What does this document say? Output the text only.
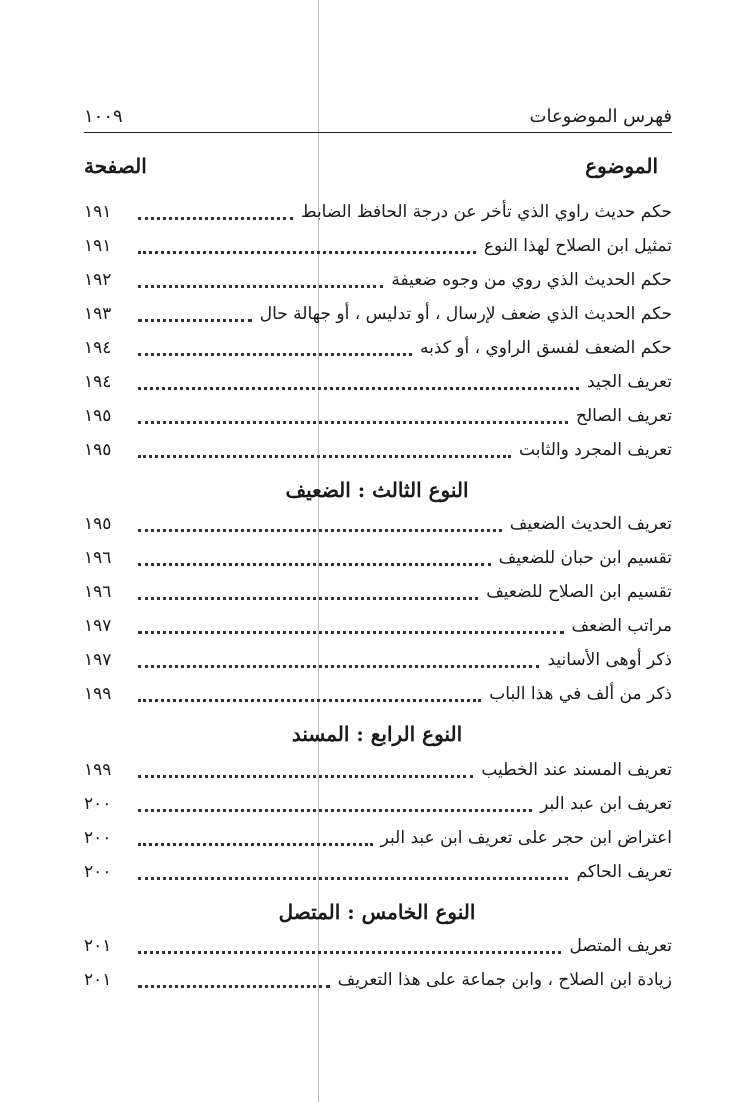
١٠٠٩	فهرس الموضوعات
الصفحة	الموضوع
حكم حديث راوي الذي تأخر عن درجة الحافظ الضابط
١٩١
تمثيل ابن الصلاح لهذا النوع
١٩١
حكم الحديث الذي روي من وجوه ضعيفة
١٩٢
حكم الحديث الذي ضعف لإرسال ، أو تدليس ، أو جهالة حال
١٩٣
حكم الضعف لفسق الراوي ، أو كذبه
١٩٤
تعريف الجيد
١٩٤
تعريف الصالح
١٩٥
تعريف المجرد والثابت
١٩٥
النوع الثالث : الضعيف
تعريف الحديث الضعيف
١٩٥
تقسيم ابن حبان للضعيف
١٩٦
تقسيم ابن الصلاح للضعيف
١٩٦
مراتب الضعف
١٩٧
ذكر أوهى الأسانيد
١٩٧
ذكر من ألف في هذا الباب
١٩٩
النوع الرابع : المسند
تعريف المسند عند الخطيب
١٩٩
تعريف ابن عبد البر
٢٠٠
اعتراض ابن حجر على تعريف ابن عبد البر
٢٠٠
تعريف الحاكم
٢٠٠
النوع الخامس : المتصل
تعريف المتصل
٢٠١
زيادة ابن الصلاح ، وابن جماعة على هذا التعريف
٢٠١
